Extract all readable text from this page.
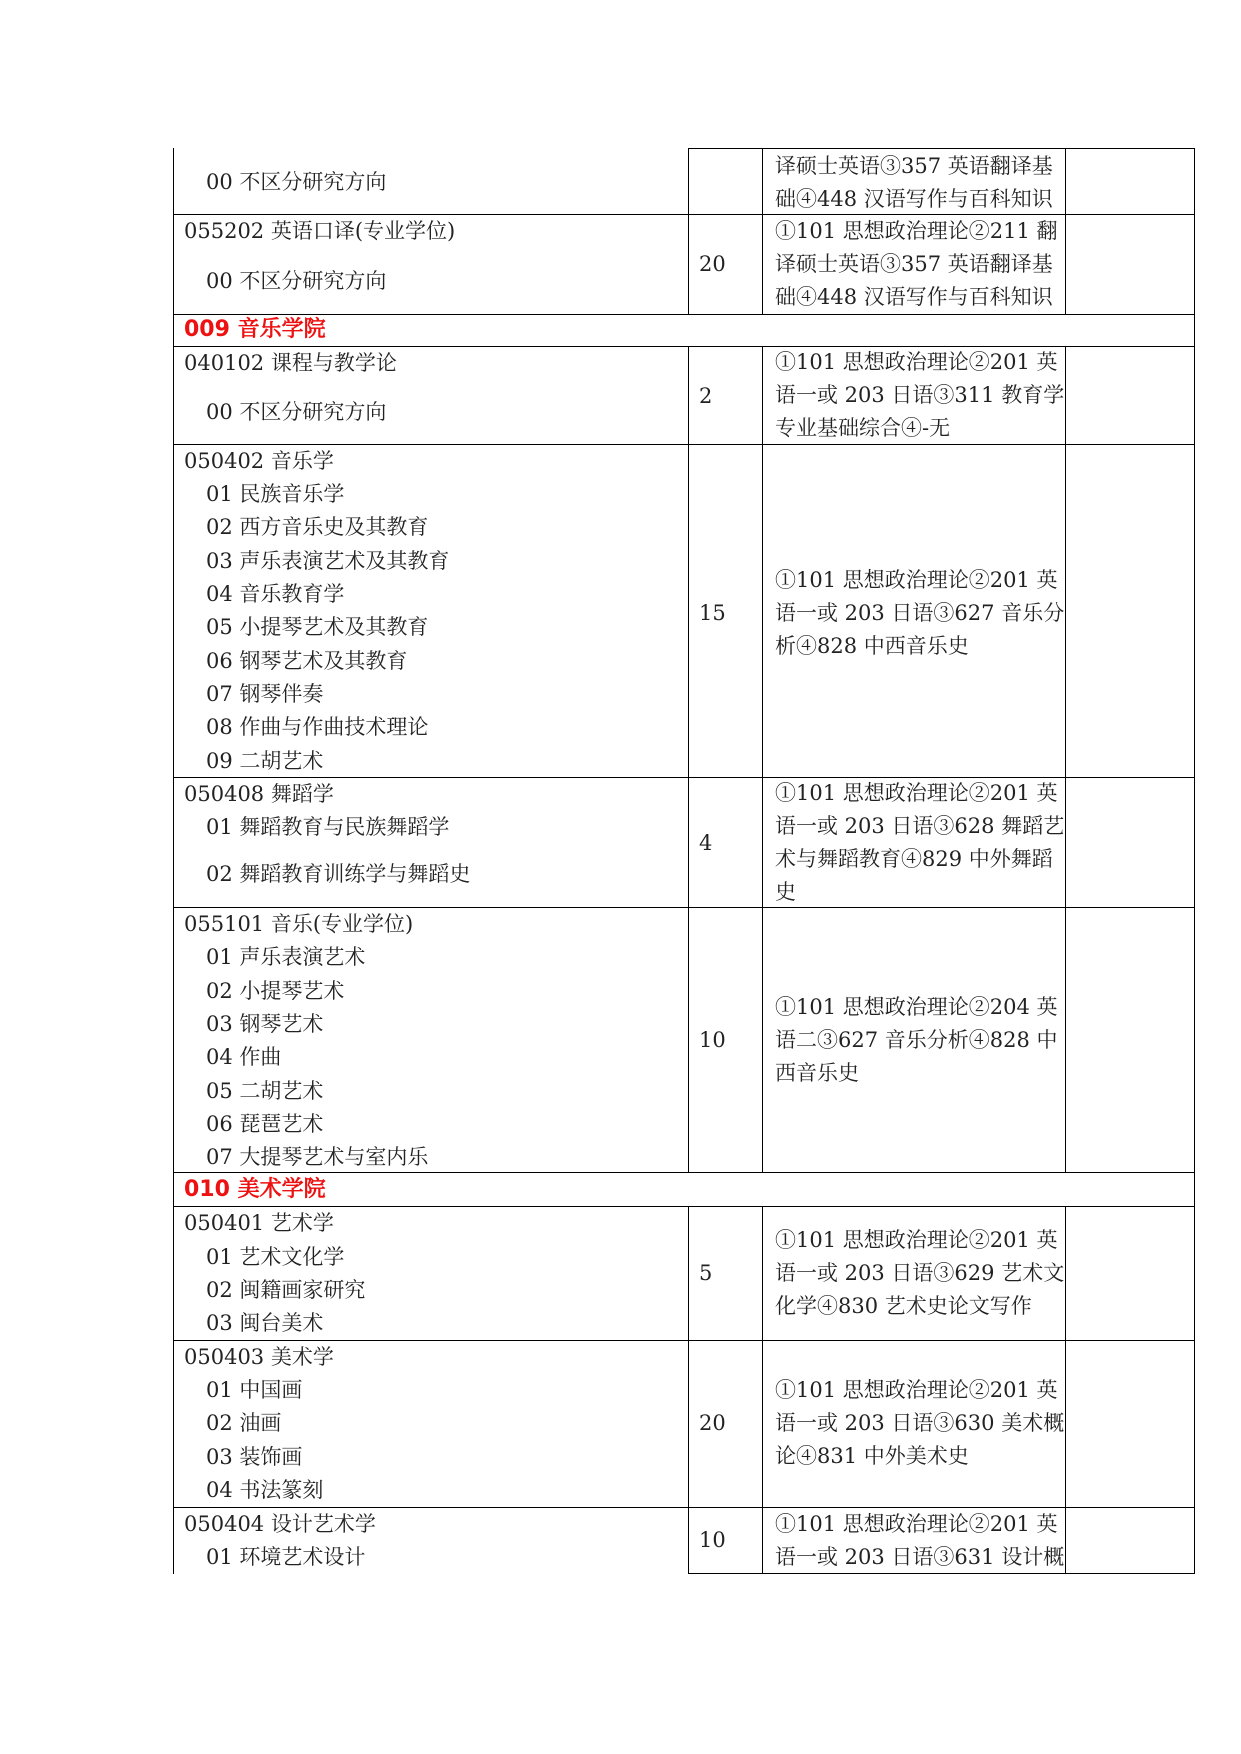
00 不区分研究方向
译硕士英语③357 英语翻译基
础④448 汉语写作与百科知识
055202 英语口译(专业学位)
00 不区分研究方向
20
①101 思想政治理论②211 翻
译硕士英语③357 英语翻译基
础④448 汉语写作与百科知识
009 音乐学院
040102 课程与教学论
00 不区分研究方向
2
①101 思想政治理论②201 英
语一或 203 日语③311 教育学
专业基础综合④-无
050402 音乐学
01 民族音乐学
02 西方音乐史及其教育
03 声乐表演艺术及其教育
04 音乐教育学
05 小提琴艺术及其教育
06 钢琴艺术及其教育
07 钢琴伴奏
08 作曲与作曲技术理论
09 二胡艺术
15
①101 思想政治理论②201 英
语一或 203 日语③627 音乐分
析④828 中西音乐史
050408 舞蹈学
01 舞蹈教育与民族舞蹈学
02 舞蹈教育训练学与舞蹈史
4
①101 思想政治理论②201 英
语一或 203 日语③628 舞蹈艺
术与舞蹈教育④829 中外舞蹈
史
055101 音乐(专业学位)
01 声乐表演艺术
02 小提琴艺术
03 钢琴艺术
04 作曲
05 二胡艺术
06 琵琶艺术
07 大提琴艺术与室内乐
10
①101 思想政治理论②204 英
语二③627 音乐分析④828 中
西音乐史
010 美术学院
050401 艺术学
01 艺术文化学
02 闽籍画家研究
03 闽台美术
5
①101 思想政治理论②201 英
语一或 203 日语③629 艺术文
化学④830 艺术史论文写作
050403 美术学
01 中国画
02 油画
03 装饰画
04 书法篆刻
20
①101 思想政治理论②201 英
语一或 203 日语③630 美术概
论④831 中外美术史
050404 设计艺术学
01 环境艺术设计
10
①101 思想政治理论②201 英
语一或 203 日语③631 设计概
